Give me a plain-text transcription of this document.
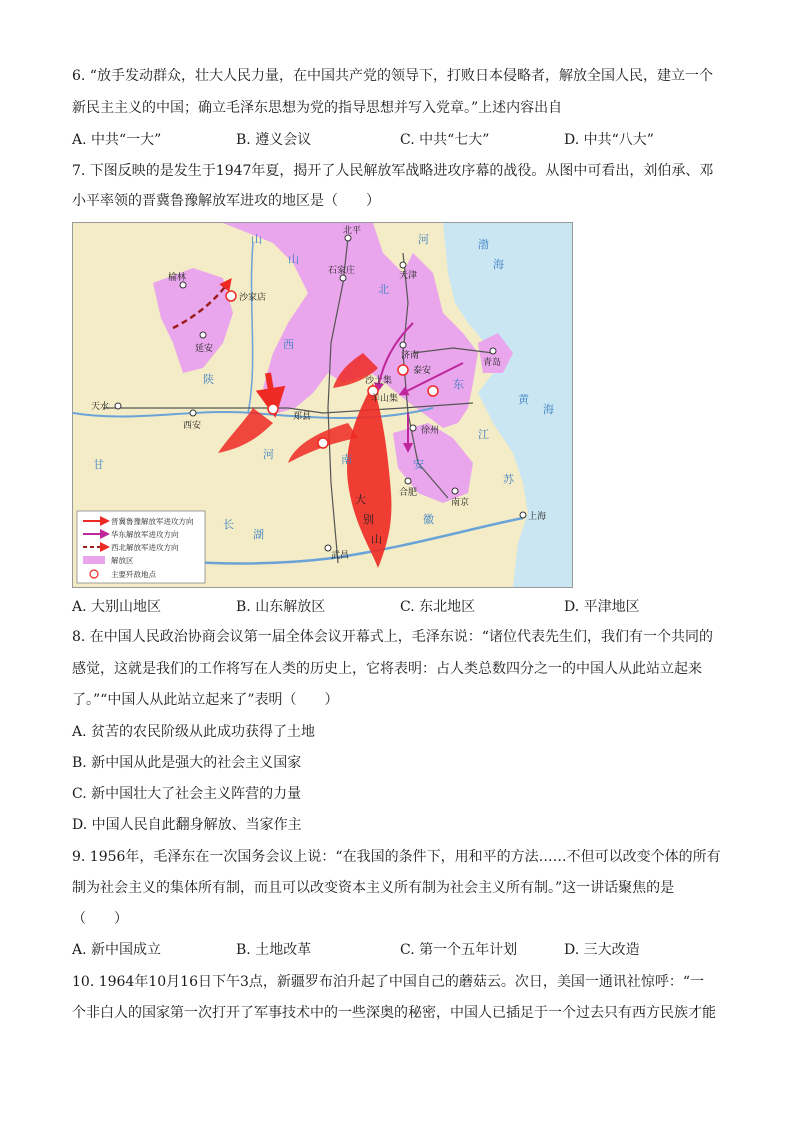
6. “放手发动群众，壮大人民力量，在中国共产党的领导下，打败日本侵略者，解放全国人民，建立一个
新民主主义的中国；确立毛泽东思想为党的指导思想并写入党章。”上述内容出自
A. 中共“一大”	B. 遵义会议	C. 中共“七大”	D. 中共“八大”
7. 下图反映的是发生于1947年夏，揭开了人民解放军战略进攻序幕的战役。从图中可看出，刘伯承、邓
小平率领的晋冀鲁豫解放军进攻的地区是（　　）
北平
天津
石家庄
榆林
沙家店
延安
济南
泰安
青岛
沙土集
羊山集
天水
西安
郑县
徐州
合肥
南京
上海
武昌
山
山
西
陕
甘
河	南
北
东
江
苏
安
徽
湖
长
黄
海
渤
海
河
大
别
山
晋冀鲁豫解放军进攻方向
华东解放军进攻方向
西北解放军进攻方向
解放区
主要歼敌地点
A. 大别山地区	B. 山东解放区	C. 东北地区	D. 平津地区
8. 在中国人民政治协商会议第一届全体会议开幕式上，毛泽东说：“诸位代表先生们，我们有一个共同的
感觉，这就是我们的工作将写在人类的历史上，它将表明：占人类总数四分之一的中国人从此站立起来
了。”“中国人从此站立起来了”表明（　　）
A. 贫苦的农民阶级从此成功获得了土地
B. 新中国从此是强大的社会主义国家
C. 新中国壮大了社会主义阵营的力量
D. 中国人民自此翻身解放、当家作主
9. 1956年，毛泽东在一次国务会议上说：“在我国的条件下，用和平的方法……不但可以改变个体的所有
制为社会主义的集体所有制，而且可以改变资本主义所有制为社会主义所有制。”这一讲话聚焦的是
（　　）
A. 新中国成立	B. 土地改革	C. 第一个五年计划	D. 三大改造
10. 1964年10月16日下午3点，新疆罗布泊升起了中国自己的蘑菇云。次日，美国一通讯社惊呼：“一
个非白人的国家第一次打开了军事技术中的一些深奥的秘密，中国人已插足于一个过去只有西方民族才能
